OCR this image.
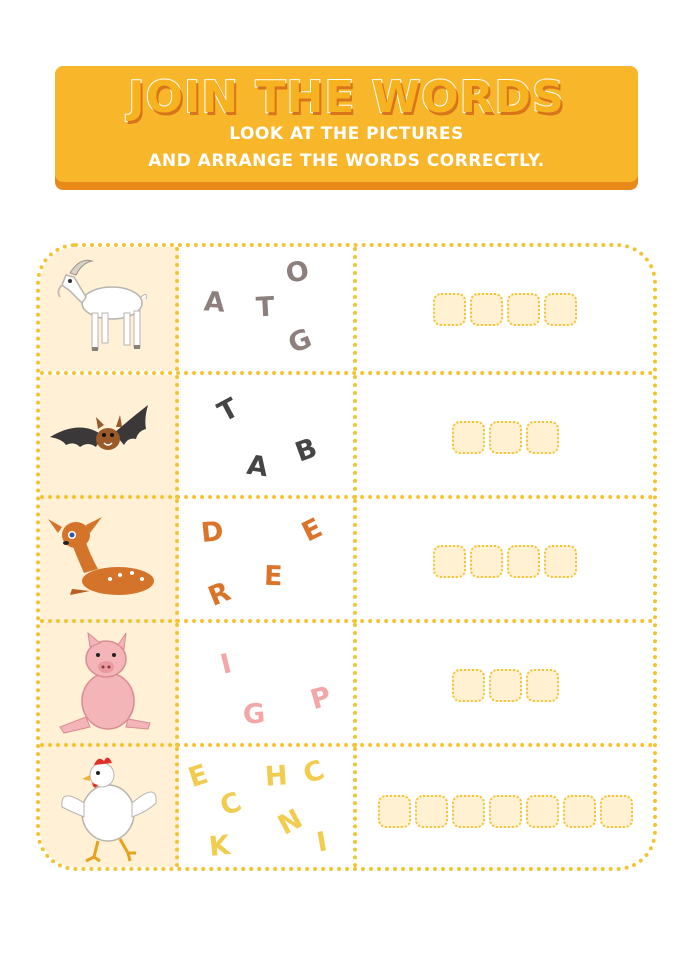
JOIN THE WORDS
LOOK AT THE PICTURES
AND ARRANGE THE WORDS CORRECTLY.
O
A T
G
T
B
A
D	E
E
R
I
G P
E H C
C N
K	I
